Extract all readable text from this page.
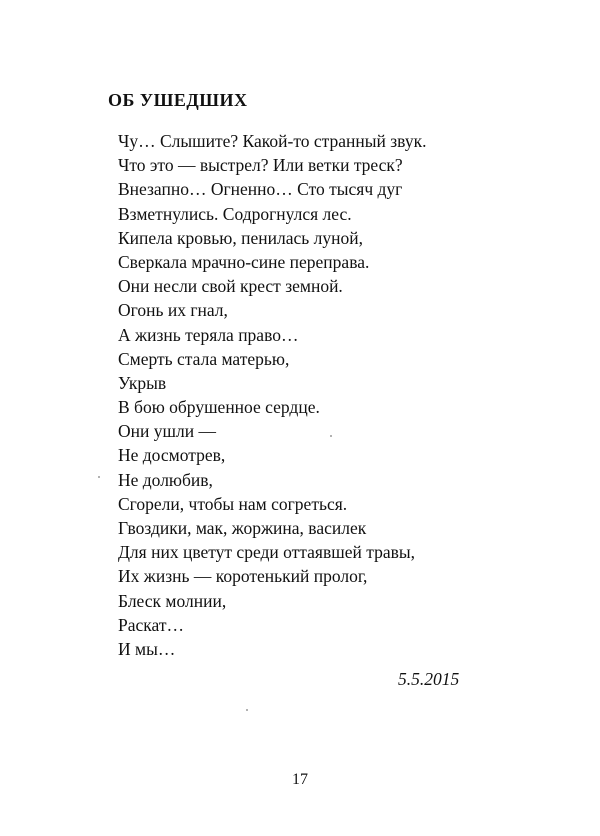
ОБ УШЕДШИХ
Чу… Слышите? Какой-то странный звук.
Что это — выстрел? Или ветки треск?
Внезапно… Огненно… Сто тысяч дуг
Взметнулись. Содрогнулся лес.
Кипела кровью, пенилась луной,
Сверкала мрачно-сине переправа.
Они несли свой крест земной.
Огонь их гнал,
А жизнь теряла право…
Смерть стала матерью,
Укрыв
В бою обрушенное сердце.
Они ушли —
Не досмотрев,
Не долюбив,
Сгорели, чтобы нам согреться.
Гвоздики, мак, жоржина, василек
Для них цветут среди оттаявшей травы,
Их жизнь — коротенький пролог,
Блеск молнии,
Раскат…
И мы…

5.5.2015

17
